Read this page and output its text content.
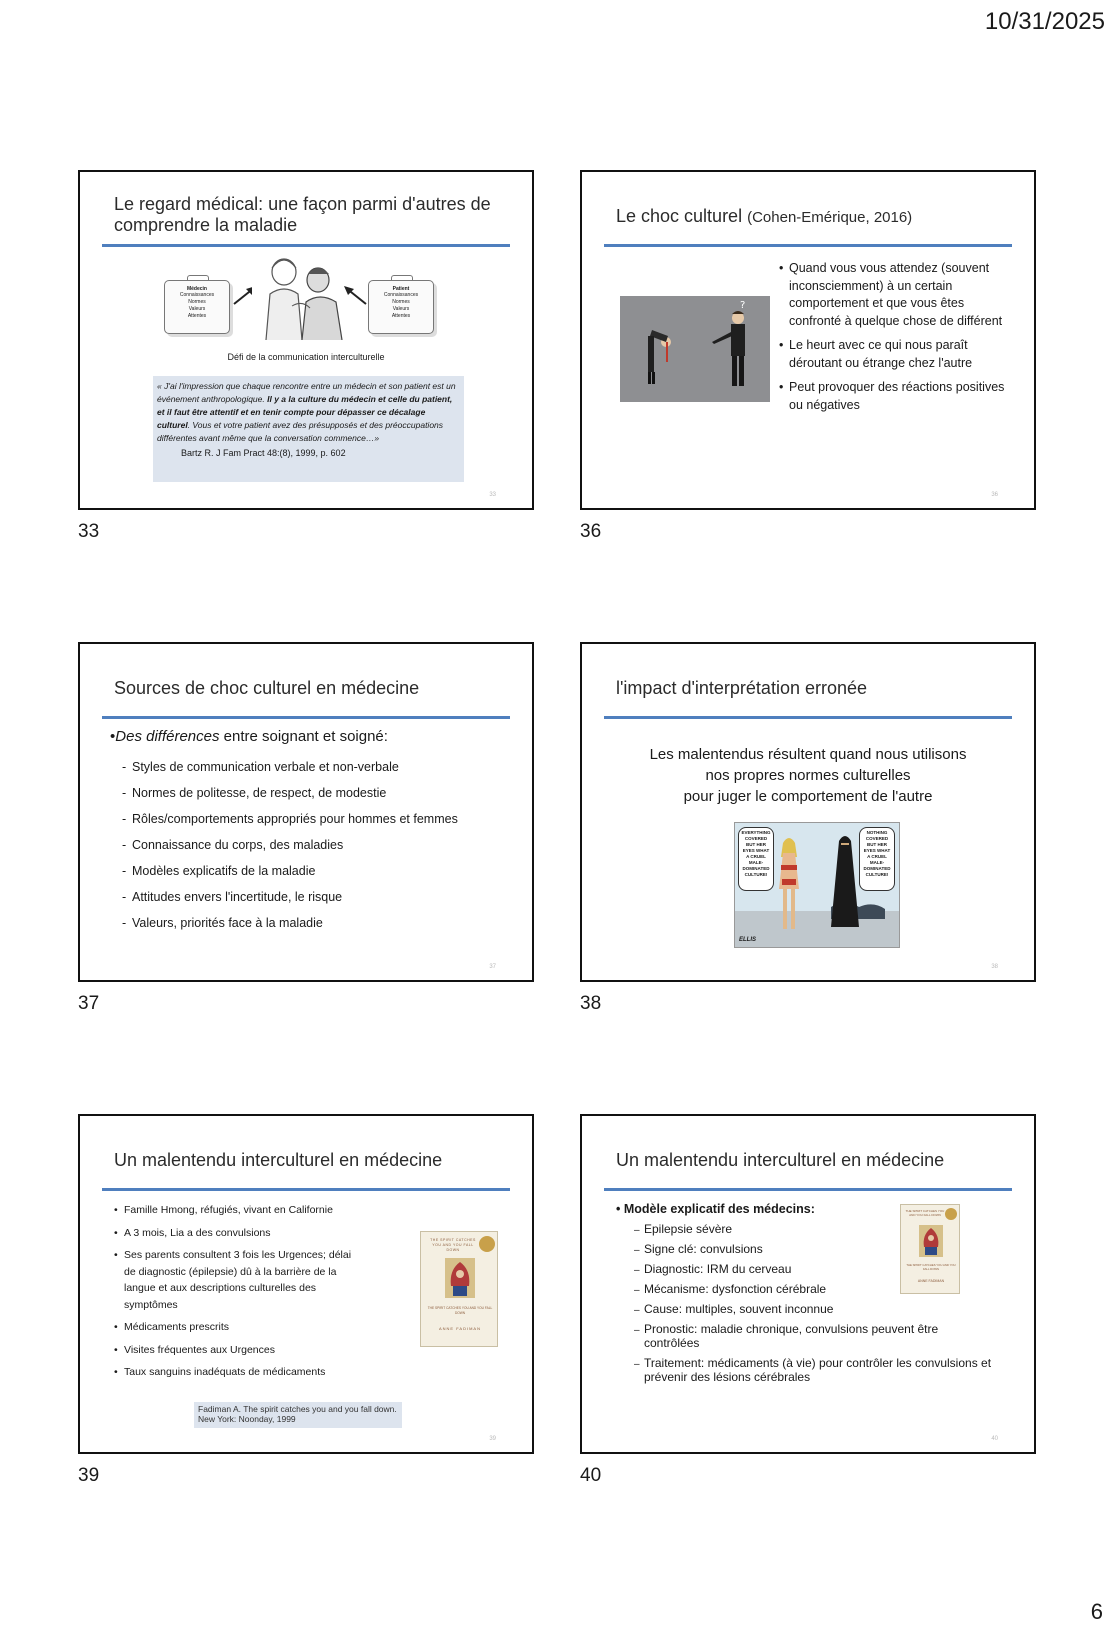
10/31/2025
6
Le regard médical: une façon parmi d'autres de comprendre la maladie
Médecin
Connaissances
Normes
Valeurs
Attentes
Patient
Connaissances
Normes
Valeurs
Attentes
Défi de la communication interculturelle
« J'ai l'impression que chaque rencontre entre un médecin et son patient est un événement anthropologique. Il y a la culture du médecin et celle du patient, et il faut être attentif et en tenir compte pour dépasser ce décalage culturel. Vous et votre patient avez des présupposés et des préoccupations différentes avant même que la conversation commence…»
Bartz R. J Fam Pract 48:(8), 1999, p. 602
33
33
Le choc culturel (Cohen-Emérique, 2016)
?
• Quand vous vous attendez (souvent inconsciemment) à un certain comportement et que vous êtes confronté à quelque chose de différent
• Le heurt avec ce qui nous paraît déroutant ou étrange chez l'autre
• Peut provoquer des réactions positives ou négatives
36
36
Sources de choc culturel en médecine
•Des différences entre soignant et soigné:
- Styles de communication verbale et non-verbale
- Normes de politesse, de respect, de modestie
- Rôles/comportements appropriés pour hommes et femmes
- Connaissance du corps, des maladies
- Modèles explicatifs de la maladie
- Attitudes envers l'incertitude, le risque
- Valeurs, priorités face à la maladie
37
37
l'impact d'interprétation erronée
Les malentendus résultent quand nous utilisons
nos propres normes culturelles
pour juger le comportement de l'autre
EVERYTHING COVERED BUT HER EYES WHAT A CRUEL MALE-DOMINATED CULTURE!
NOTHING COVERED BUT HER EYES WHAT A CRUEL MALE-DOMINATED CULTURE!
ELLIS
38
38
Un malentendu interculturel en médecine
• Famille Hmong, réfugiés, vivant en Californie
• A 3 mois, Lia a des convulsions
• Ses parents consultent 3 fois les Urgences; délai de diagnostic (épilepsie) dû à la barrière de la langue et aux descriptions culturelles des symptômes
• Médicaments prescrits
• Visites fréquentes aux Urgences
• Taux sanguins inadéquats de médicaments
THE SPIRIT CATCHES YOU AND YOU FALL DOWN
THE SPIRIT CATCHES YOU AND YOU FALL DOWN
ANNE FADIMAN
Fadiman A. The spirit catches you and you fall down. New York: Noonday, 1999
39
39
Un malentendu interculturel en médecine
• Modèle explicatif des médecins:
– Epilepsie sévère
– Signe clé: convulsions
– Diagnostic: IRM du cerveau
– Mécanisme: dysfonction cérébrale
– Cause: multiples, souvent inconnue
– Pronostic: maladie chronique, convulsions peuvent être contrôlées
– Traitement: médicaments (à vie) pour contrôler les convulsions et prévenir des lésions cérébrales
THE SPIRIT CATCHES YOU AND YOU FALL DOWN
THE SPIRIT CATCHES YOU AND YOU FALL DOWN
ANNE FADIMAN
40
40
